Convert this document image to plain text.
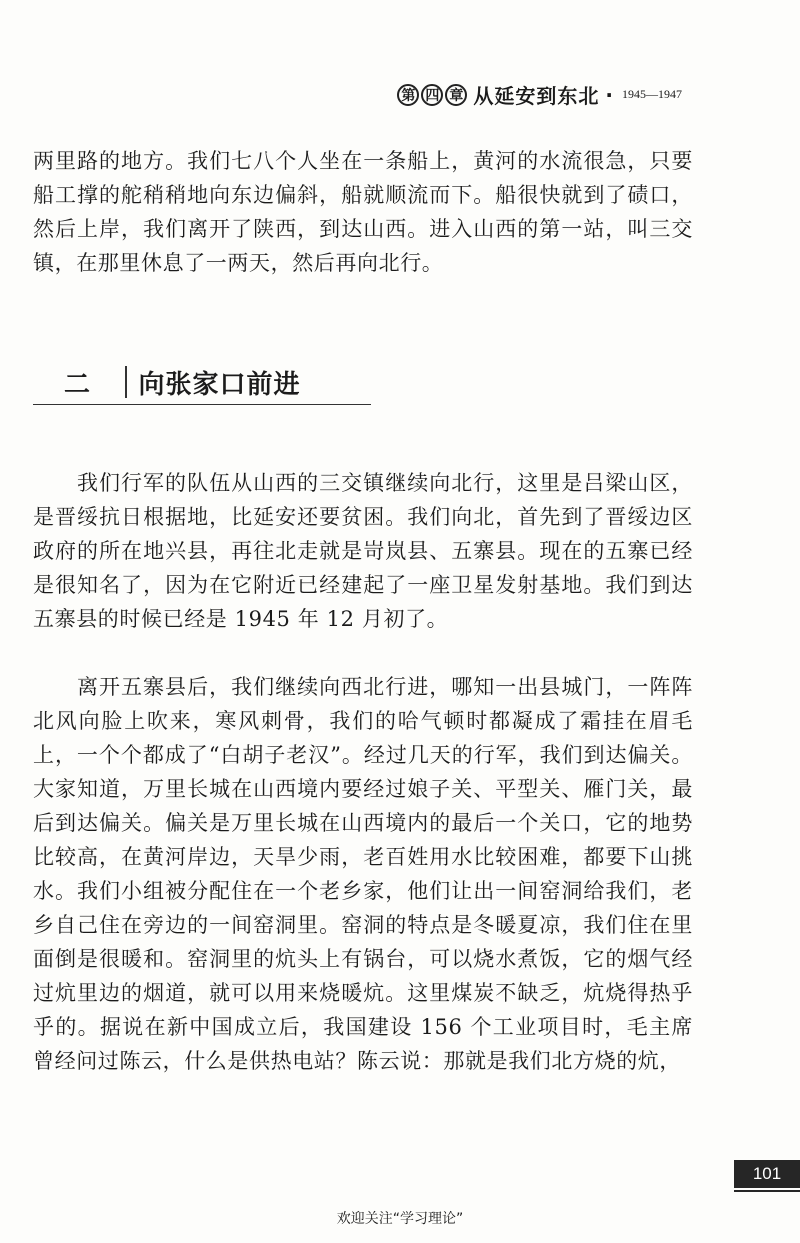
第 四 章 从延安到东北 · 1945—1947

两里路的地方。我们七八个人坐在一条船上，黄河的水流很急，只要船工撑的舵稍稍地向东边偏斜，船就顺流而下。船很快就到了碛口，然后上岸，我们离开了陕西，到达山西。进入山西的第一站，叫三交镇，在那里休息了一两天，然后再向北行。

二	向张家口前进

我们行军的队伍从山西的三交镇继续向北行，这里是吕梁山区，是晋绥抗日根据地，比延安还要贫困。我们向北，首先到了晋绥边区政府的所在地兴县，再往北走就是岢岚县、五寨县。现在的五寨已经是很知名了，因为在它附近已经建起了一座卫星发射基地。我们到达五寨县的时候已经是 1945 年 12 月初了。

离开五寨县后，我们继续向西北行进，哪知一出县城门，一阵阵北风向脸上吹来，寒风刺骨，我们的哈气顿时都凝成了霜挂在眉毛上，一个个都成了“白胡子老汉”。经过几天的行军，我们到达偏关。大家知道，万里长城在山西境内要经过娘子关、平型关、雁门关，最后到达偏关。偏关是万里长城在山西境内的最后一个关口，它的地势比较高，在黄河岸边，天旱少雨，老百姓用水比较困难，都要下山挑水。我们小组被分配住在一个老乡家，他们让出一间窑洞给我们，老乡自己住在旁边的一间窑洞里。窑洞的特点是冬暖夏凉，我们住在里面倒是很暖和。窑洞里的炕头上有锅台，可以烧水煮饭，它的烟气经过炕里边的烟道，就可以用来烧暖炕。这里煤炭不缺乏，炕烧得热乎乎的。据说在新中国成立后，我国建设 156 个工业项目时，毛主席曾经问过陈云，什么是供热电站？陈云说：那就是我们北方烧的炕，

101
欢迎关注“学习理论”
